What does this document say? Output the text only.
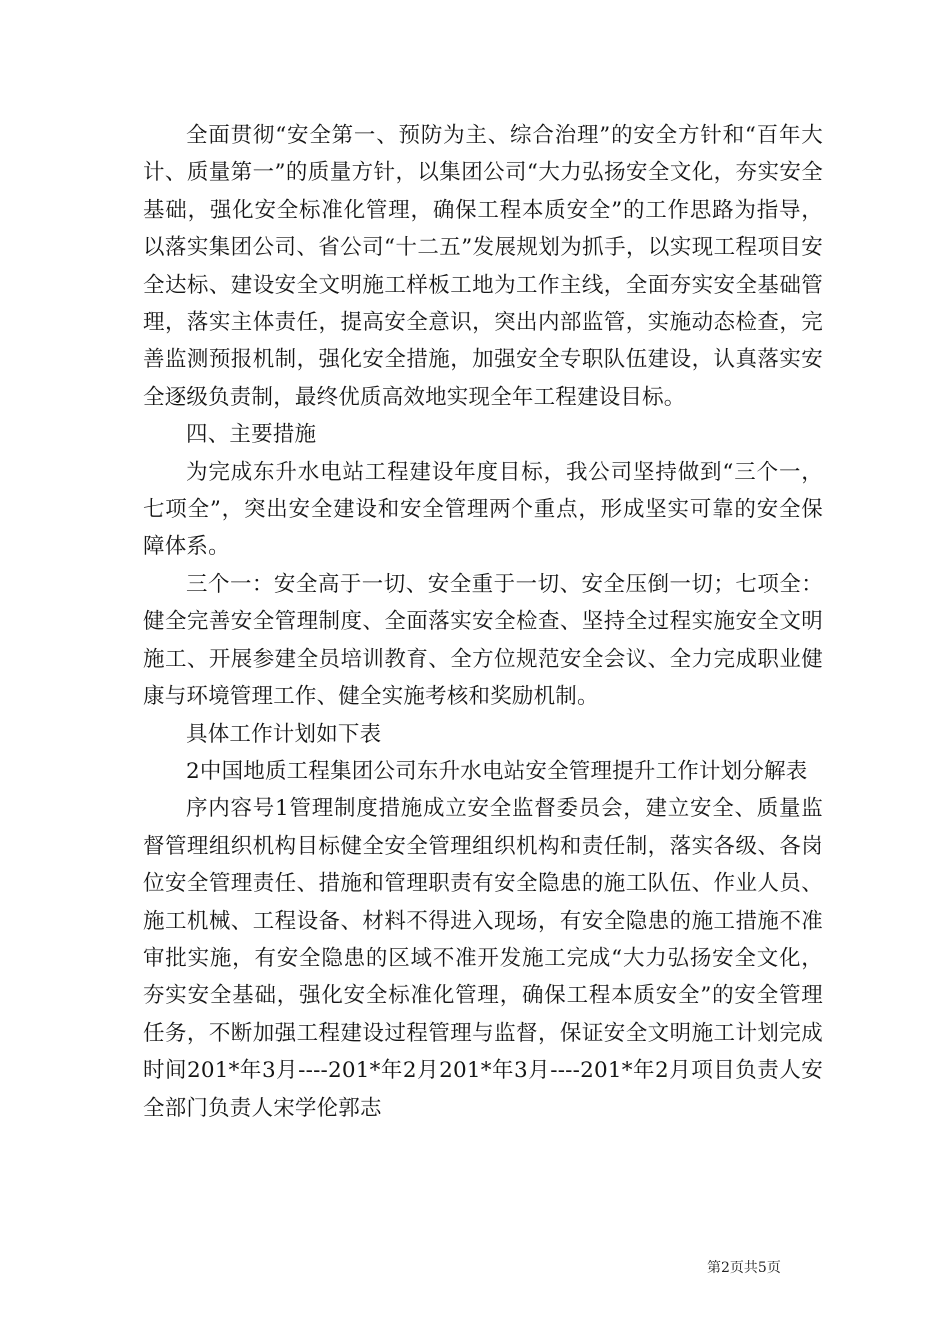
全面贯彻“安全第一、预防为主、综合治理”的安全方针和“百年大计、质量第一”的质量方针，以集团公司“大力弘扬安全文化，夯实安全基础，强化安全标准化管理，确保工程本质安全”的工作思路为指导，以落实集团公司、省公司“十二五”发展规划为抓手，以实现工程项目安全达标、建设安全文明施工样板工地为工作主线，全面夯实安全基础管理，落实主体责任，提高安全意识，突出内部监管，实施动态检查，完善监测预报机制，强化安全措施，加强安全专职队伍建设，认真落实安全逐级负责制，最终优质高效地实现全年工程建设目标。

四、主要措施

为完成东升水电站工程建设年度目标，我公司坚持做到“三个一，七项全”，突出安全建设和安全管理两个重点，形成坚实可靠的安全保障体系。

三个一：安全高于一切、安全重于一切、安全压倒一切；七项全：健全完善安全管理制度、全面落实安全检查、坚持全过程实施安全文明施工、开展参建全员培训教育、全方位规范安全会议、全力完成职业健康与环境管理工作、健全实施考核和奖励机制。

具体工作计划如下表

2中国地质工程集团公司东升水电站安全管理提升工作计划分解表

序内容号1管理制度措施成立安全监督委员会，建立安全、质量监督管理组织机构目标健全安全管理组织机构和责任制，落实各级、各岗位安全管理责任、措施和管理职责有安全隐患的施工队伍、作业人员、施工机械、工程设备、材料不得进入现场，有安全隐患的施工措施不准审批实施，有安全隐患的区域不准开发施工完成“大力弘扬安全文化，夯实安全基础，强化安全标准化管理，确保工程本质安全”的安全管理任务，不断加强工程建设过程管理与监督，保证安全文明施工计划完成时间201*年3月----201*年2月201*年3月----201*年2月项目负责人安全部门负责人宋学伦郭志

第2页共5页
